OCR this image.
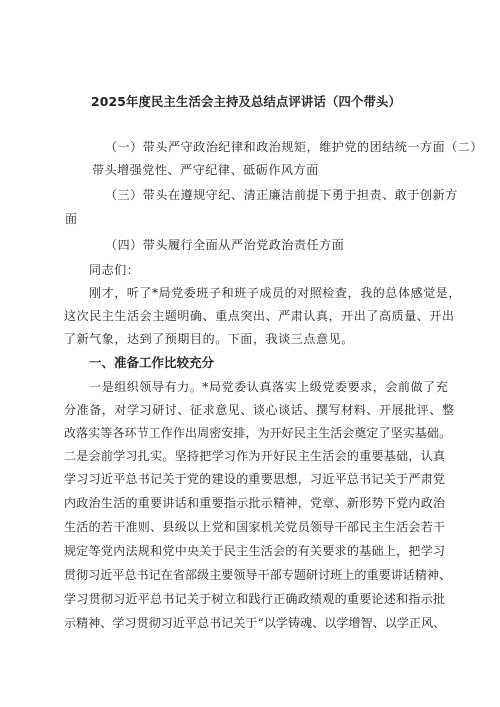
2025年度民主生活会主持及总结点评讲话（四个带头）
（一）带头严守政治纪律和政治规矩，维护党的团结统一方面（二）
带头增强党性、严守纪律、砥砺作风方面
（三）带头在遵规守纪、清正廉洁前提下勇于担责、敢于创新方
面
（四）带头履行全面从严治党政治责任方面
同志们：
刚才，听了*局党委班子和班子成员的对照检查，我的总体感觉是，
这次民主生活会主题明确、重点突出、严肃认真，开出了高质量、开出
了新气象，达到了预期目的。下面，我谈三点意见。
一、准备工作比较充分
一是组织领导有力。*局党委认真落实上级党委要求，会前做了充
分准备，对学习研讨、征求意见、谈心谈话、撰写材料、开展批评、整
改落实等各环节工作作出周密安排，为开好民主生活会奠定了坚实基础。
二是会前学习扎实。坚持把学习作为开好民主生活会的重要基础，认真
学习习近平总书记关于党的建设的重要思想，习近平总书记关于严肃党
内政治生活的重要讲话和重要指示批示精神，党章、新形势下党内政治
生活的若干准则、县级以上党和国家机关党员领导干部民主生活会若干
规定等党内法规和党中央关于民主生活会的有关要求的基础上，把学习
贯彻习近平总书记在省部级主要领导干部专题研讨班上的重要讲话精神、
学习贯彻习近平总书记关于树立和践行正确政绩观的重要论述和指示批
示精神、学习贯彻习近平总书记关于“以学铸魂、以学增智、以学正风、
